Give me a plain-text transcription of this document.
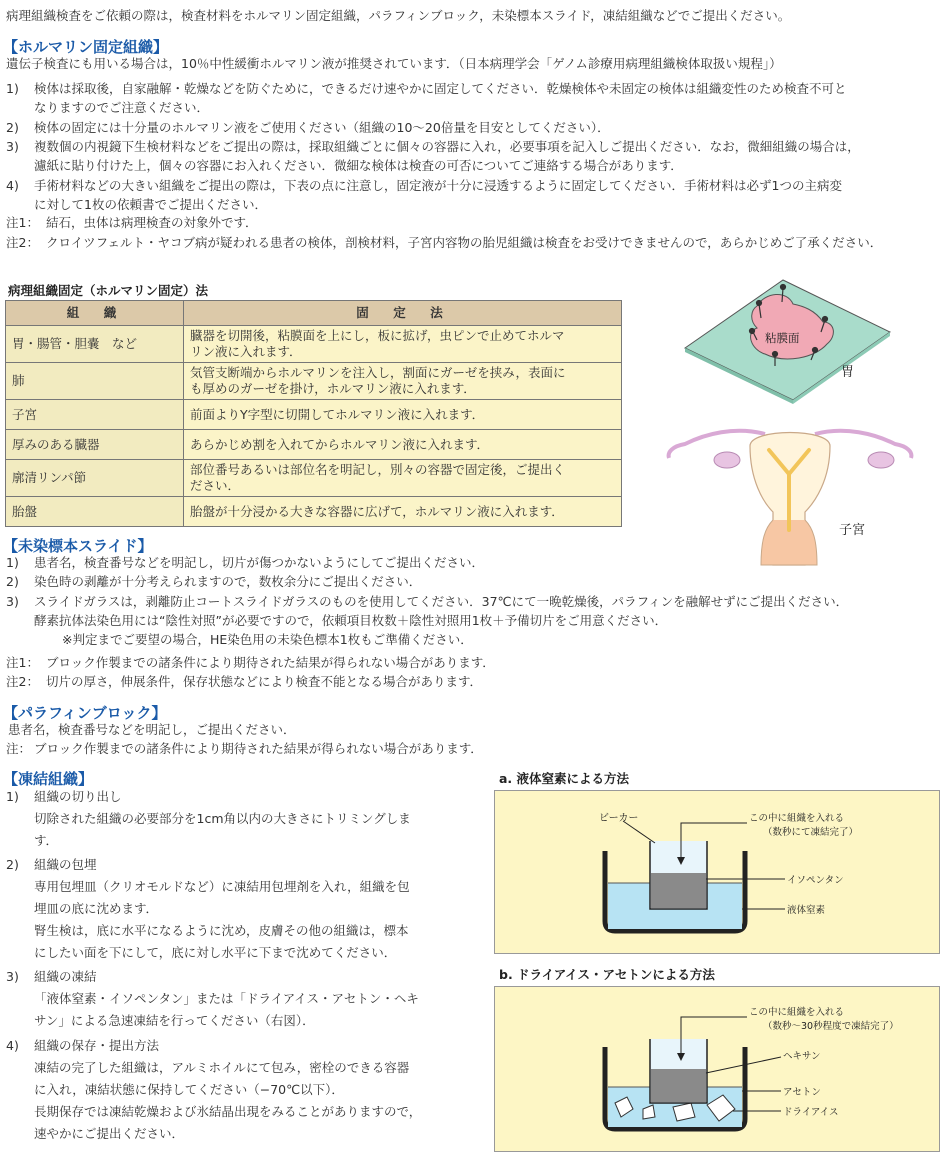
病理組織検査をご依頼の際は，検査材料をホルマリン固定組織，パラフィンブロック，未染標本スライド，凍結組織などでご提出ください。
【ホルマリン固定組織】
遺伝子検査にも用いる場合は，10％中性緩衝ホルマリン液が推奨されています．（日本病理学会「ゲノム診療用病理組織検体取扱い規程」）
1) 検体は採取後，自家融解・乾燥などを防ぐために，できるだけ速やかに固定してください．乾燥検体や未固定の検体は組織変性のため検査不可と
なりますのでご注意ください．
2) 検体の固定には十分量のホルマリン液をご使用ください（組織の10～20倍量を目安としてください）．
3) 複数個の内視鏡下生検材料などをご提出の際は，採取組織ごとに個々の容器に入れ，必要事項を記入しご提出ください．なお，微細組織の場合は，
濾紙に貼り付けた上，個々の容器にお入れください．微細な検体は検査の可否についてご連絡する場合があります．
4) 手術材料などの大きい組織をご提出の際は，下表の点に注意し，固定液が十分に浸透するように固定してください．手術材料は必ず1つの主病変
に対して1枚の依頼書でご提出ください．
注1： 結石，虫体は病理検査の対象外です．
注2： クロイツフェルト・ヤコブ病が疑われる患者の検体，剖検材料，子宮内容物の胎児組織は検査をお受けできませんので，あらかじめご了承ください．
病理組織固定（ホルマリン固定）法
組　織	固　定　法
胃・腸管・胆嚢　など	臓器を切開後，粘膜面を上にし，板に拡げ，虫ピンで止めてホルマ
リン液に入れます．
肺	気管支断端からホルマリンを注入し，割面にガーゼを挟み，表面に
も厚めのガーゼを掛け，ホルマリン液に入れます．
子宮	前面よりY字型に切開してホルマリン液に入れます．
厚みのある臓器	あらかじめ割を入れてからホルマリン液に入れます．
廓清リンパ節	部位番号あるいは部位名を明記し，別々の容器で固定後，ご提出く
ださい．
胎盤	胎盤が十分浸かる大きな容器に広げて，ホルマリン液に入れます．
粘膜面
胃
子宮
【未染標本スライド】
1) 患者名，検査番号などを明記し，切片が傷つかないようにしてご提出ください．
2) 染色時の剥離が十分考えられますので，数枚余分にご提出ください．
3) スライドガラスは，剥離防止コートスライドガラスのものを使用してください．37℃にて一晩乾燥後，パラフィンを融解せずにご提出ください．
酵素抗体法染色用には“陰性対照”が必要ですので，依頼項目枚数＋陰性対照用1枚＋予備切片をご用意ください．
※判定までご要望の場合，HE染色用の未染色標本1枚もご準備ください．
注1： ブロック作製までの諸条件により期待された結果が得られない場合があります．
注2： 切片の厚さ，伸展条件，保存状態などにより検査不能となる場合があります．
【パラフィンブロック】
患者名，検査番号などを明記し，ご提出ください．
注： ブロック作製までの諸条件により期待された結果が得られない場合があります．
【凍結組織】
1) 組織の切り出し
切除された組織の必要部分を1cm角以内の大きさにトリミングしま
す．
2) 組織の包埋
専用包埋皿（クリオモルドなど）に凍結用包埋剤を入れ，組織を包
埋皿の底に沈めます．
腎生検は，底に水平になるように沈め，皮膚その他の組織は，標本
にしたい面を下にして，底に対し水平に下まで沈めてください．
3) 組織の凍結
「液体窒素・イソペンタン」または「ドライアイス・アセトン・ヘキ
サン」による急速凍結を行ってください（右図）．
4) 組織の保存・提出方法
凍結の完了した組織は，アルミホイルにて包み，密栓のできる容器
に入れ，凍結状態に保持してください（−70℃以下）．
長期保存では凍結乾燥および氷結晶出現をみることがありますので，
速やかにご提出ください．
a. 液体窒素による方法
ビーカー	この中に組織を入れる
（数秒にて凍結完了）
イソペンタン
液体窒素
b. ドライアイス・アセトンによる方法
この中に組織を入れる
（数秒～30秒程度で凍結完了）
ヘキサン
アセトン
ドライアイス
